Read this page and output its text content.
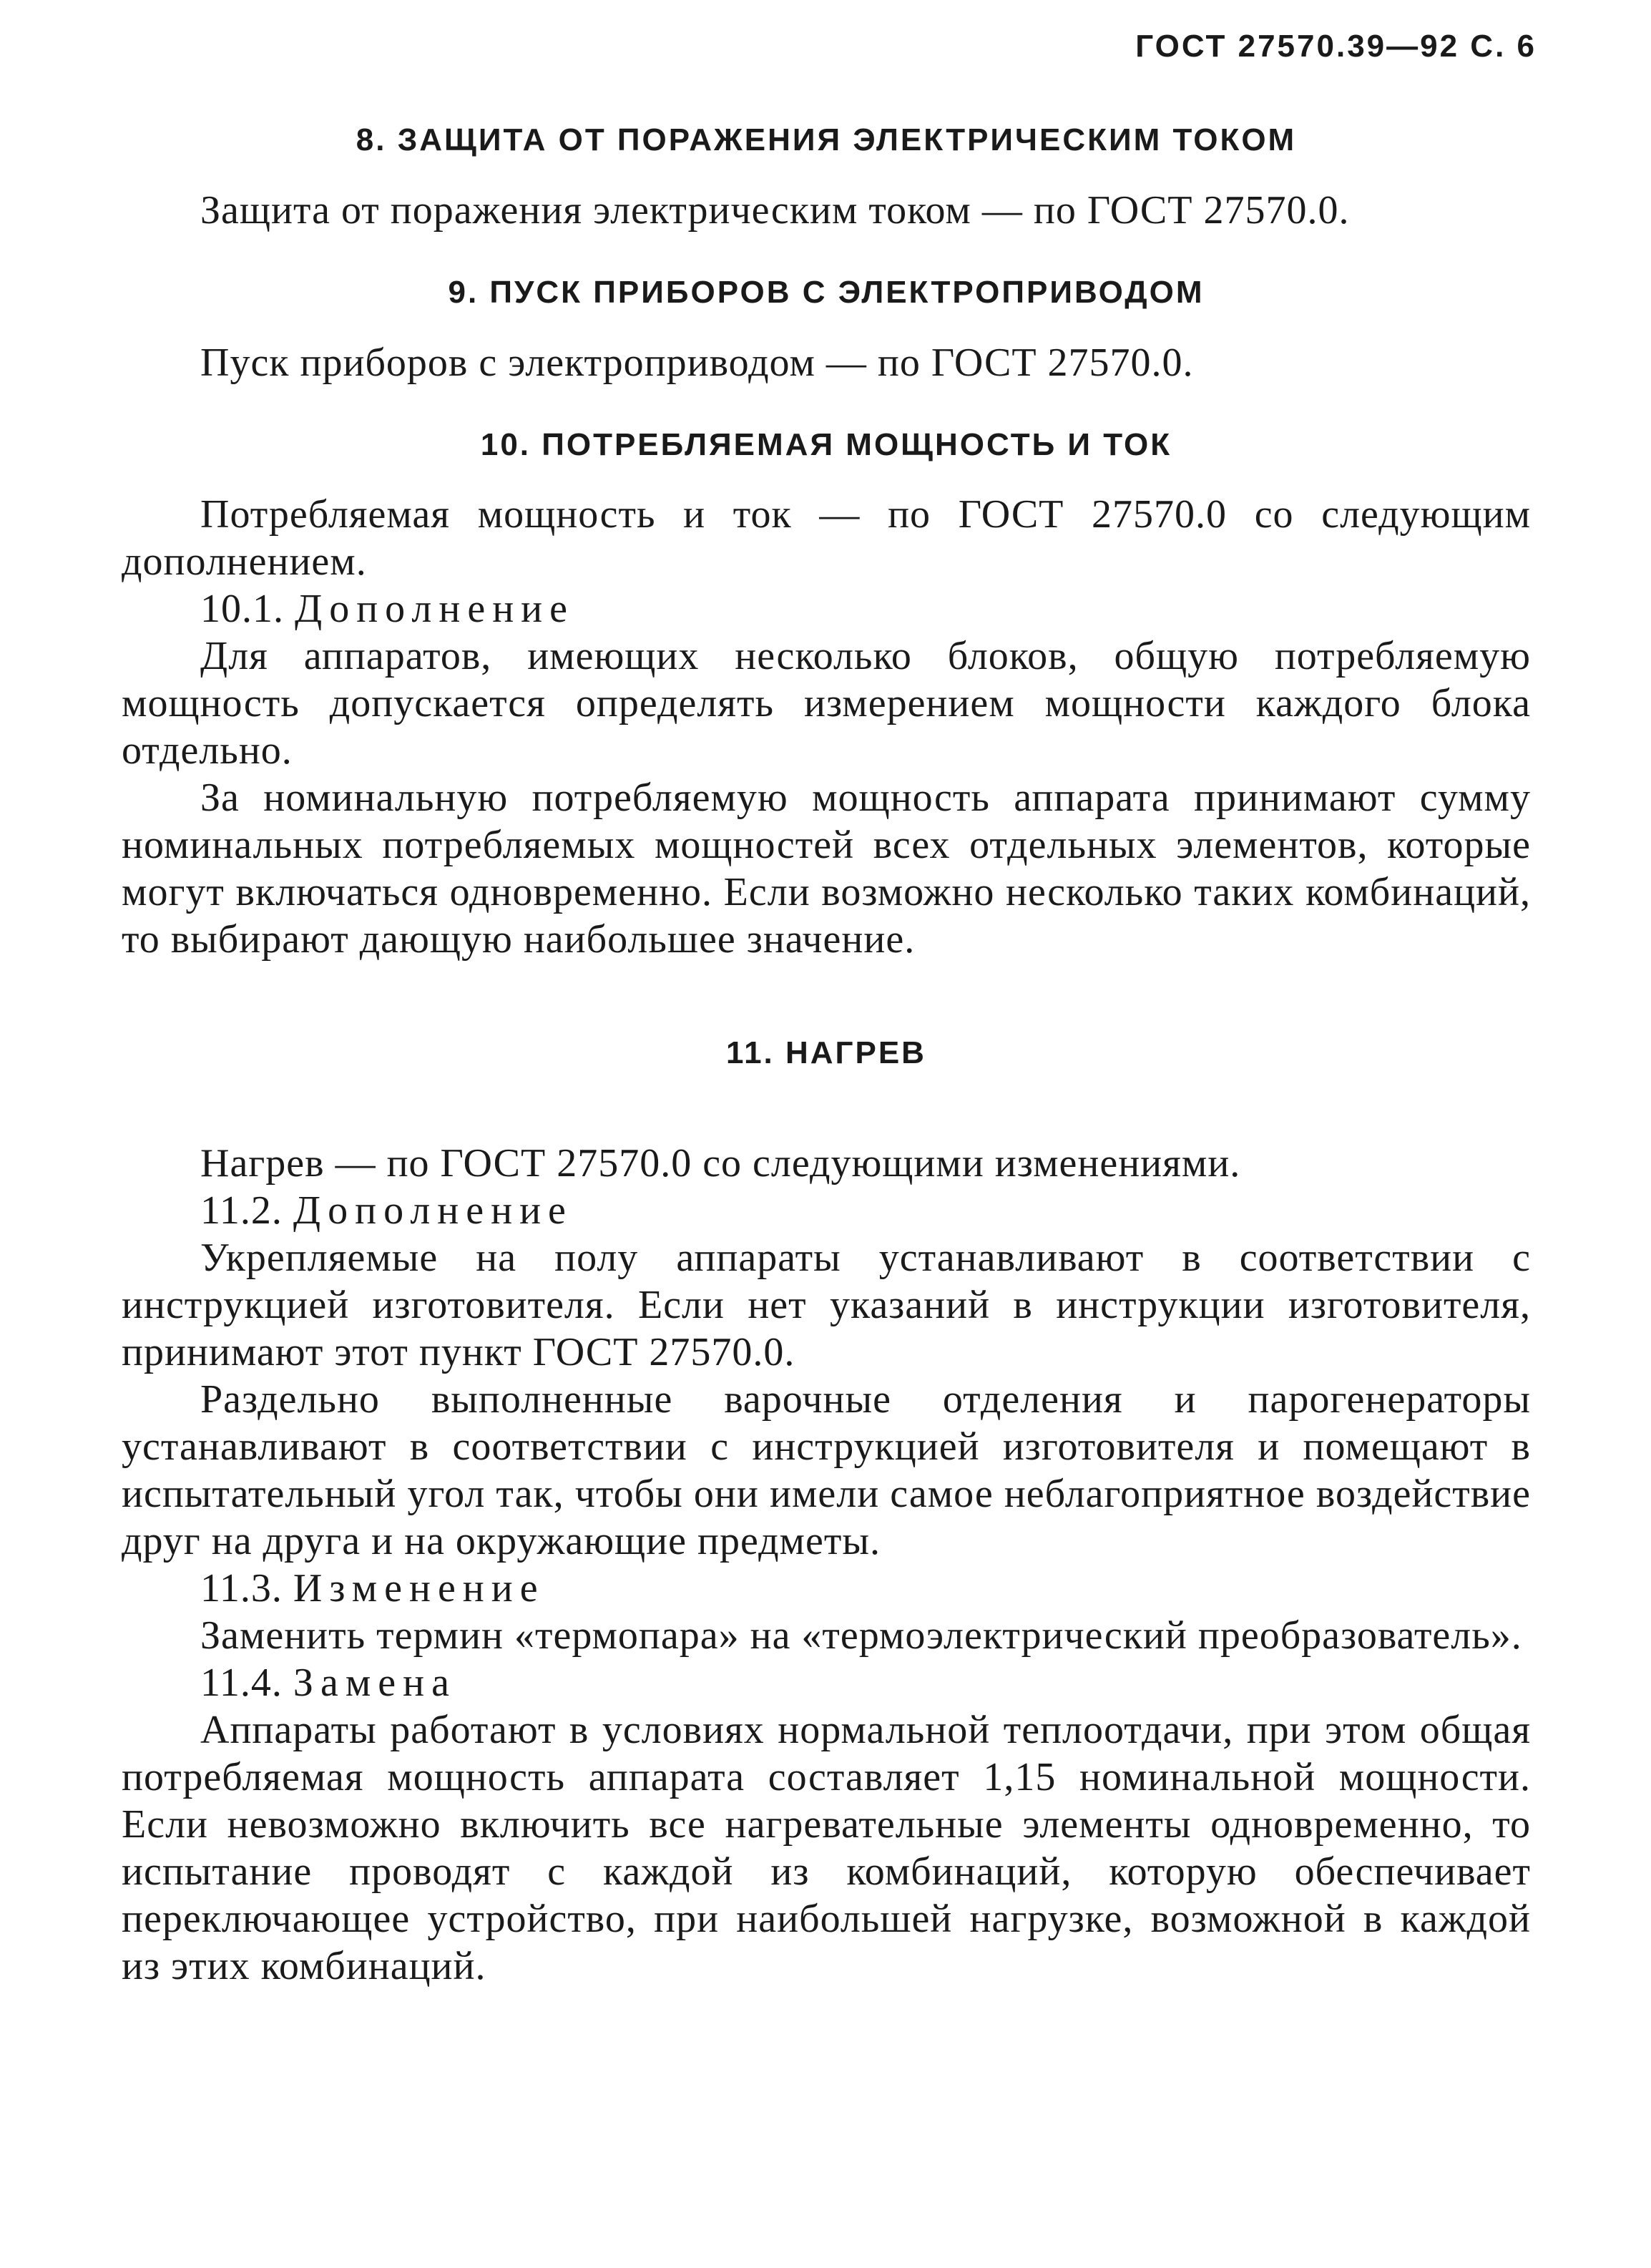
ГОСТ 27570.39—92 С. 6
8. ЗАЩИТА ОТ ПОРАЖЕНИЯ ЭЛЕКТРИЧЕСКИМ ТОКОМ

Защита от поражения электрическим током — по ГОСТ 27570.0.

9. ПУСК ПРИБОРОВ С ЭЛЕКТРОПРИВОДОМ

Пуск приборов с электроприводом — по ГОСТ 27570.0.

10. ПОТРЕБЛЯЕМАЯ МОЩНОСТЬ И ТОК

Потребляемая мощность и ток — по ГОСТ 27570.0 со следующим дополнением.

10.1. Дополнение

Для аппаратов, имеющих несколько блоков, общую потребляемую мощность допускается определять измерением мощности каждого блока отдельно.

За номинальную потребляемую мощность аппарата принимают сумму номинальных потребляемых мощностей всех отдельных элементов, которые могут включаться одновременно. Если возможно несколько таких комбинаций, то выбирают дающую наибольшее значение.

11. НАГРЕВ

Нагрев — по ГОСТ 27570.0 со следующими изменениями.

11.2. Дополнение

Укрепляемые на полу аппараты устанавливают в соответствии с инструкцией изготовителя. Если нет указаний в инструкции изготовителя, принимают этот пункт ГОСТ 27570.0.

Раздельно выполненные варочные отделения и парогенераторы устанавливают в соответствии с инструкцией изготовителя и помещают в испытательный угол так, чтобы они имели самое неблагоприятное воздействие друг на друга и на окружающие предметы.

11.3. Изменение

Заменить термин «термопара» на «термоэлектрический преобразователь».

11.4. Замена

Аппараты работают в условиях нормальной теплоотдачи, при этом общая потребляемая мощность аппарата составляет 1,15 номинальной мощности. Если невозможно включить все нагревательные элементы одновременно, то испытание проводят с каждой из комбинаций, которую обеспечивает переключающее устройство, при наибольшей нагрузке, возможной в каждой из этих комбинаций.
